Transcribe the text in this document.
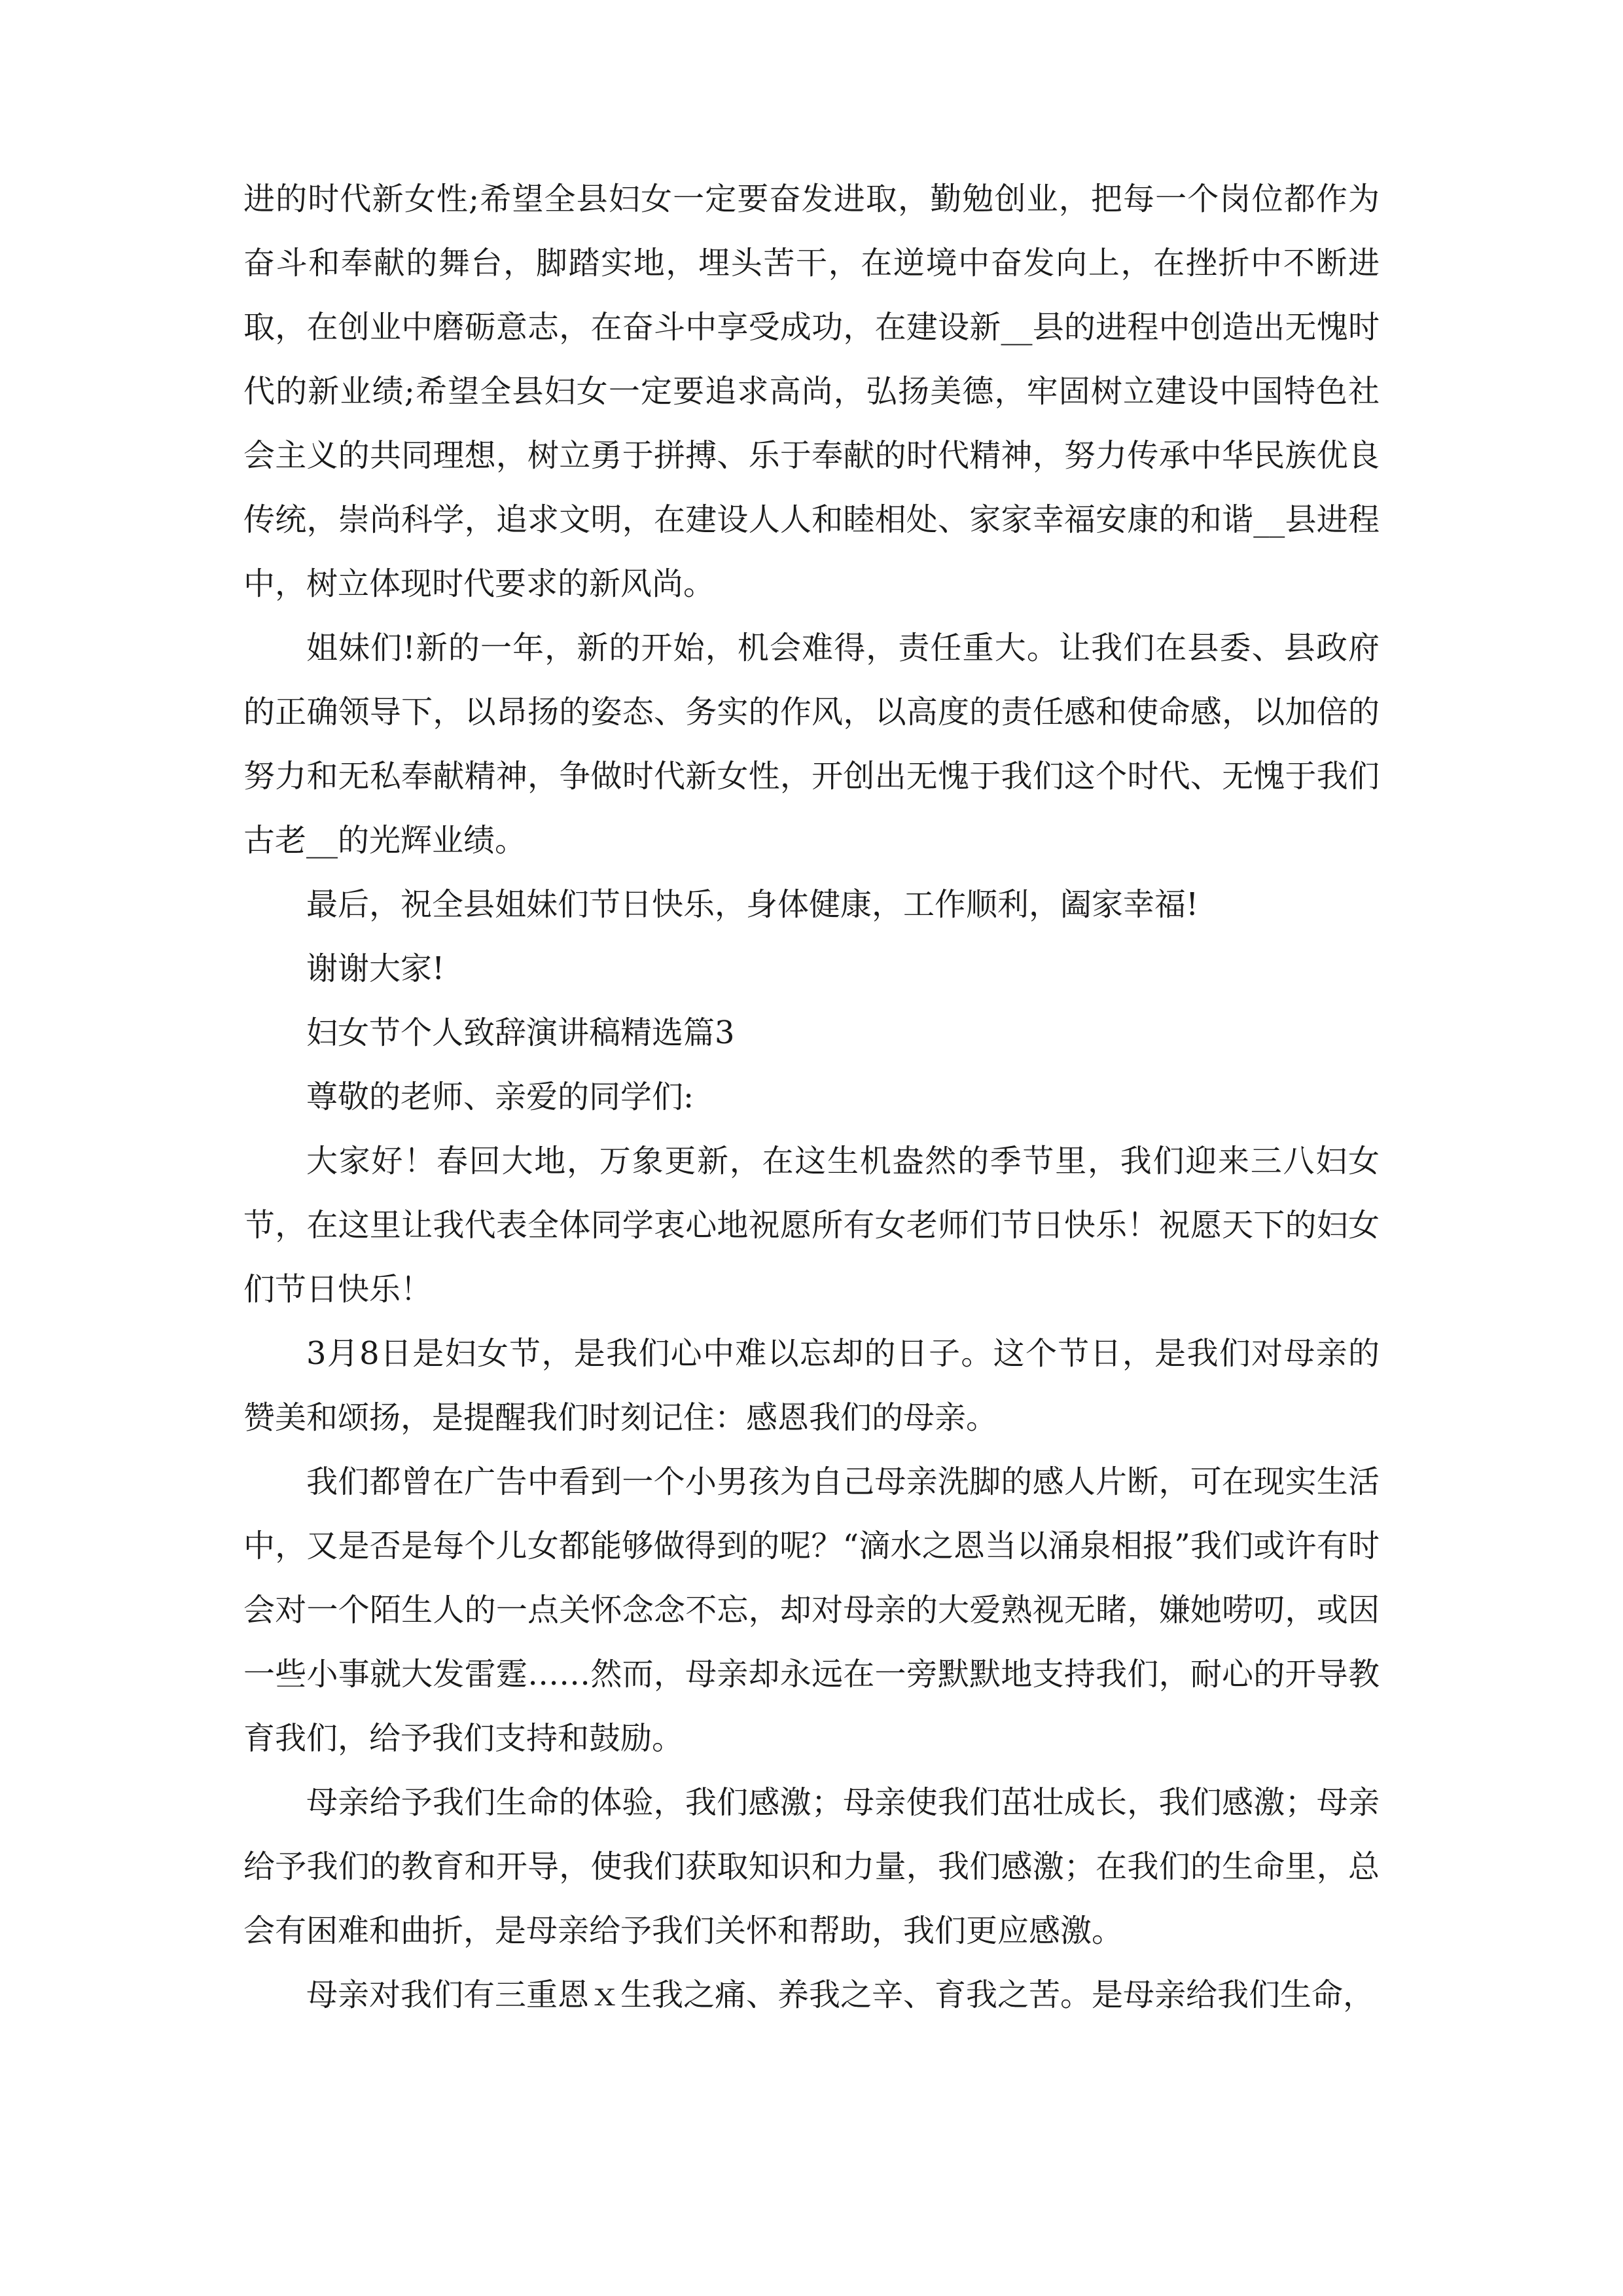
进的时代新女性;希望全县妇女一定要奋发进取，勤勉创业，把每一个岗位都作为奋斗和奉献的舞台，脚踏实地，埋头苦干，在逆境中奋发向上，在挫折中不断进取，在创业中磨砺意志，在奋斗中享受成功，在建设新__县的进程中创造出无愧时代的新业绩;希望全县妇女一定要追求高尚，弘扬美德，牢固树立建设中国特色社会主义的共同理想，树立勇于拼搏、乐于奉献的时代精神，努力传承中华民族优良传统，崇尚科学，追求文明，在建设人人和睦相处、家家幸福安康的和谐__县进程中，树立体现时代要求的新风尚。

姐妹们!新的一年，新的开始，机会难得，责任重大。让我们在县委、县政府的正确领导下，以昂扬的姿态、务实的作风，以高度的责任感和使命感，以加倍的努力和无私奉献精神，争做时代新女性，开创出无愧于我们这个时代、无愧于我们古老__的光辉业绩。

最后，祝全县姐妹们节日快乐，身体健康，工作顺利，阖家幸福!

谢谢大家!

妇女节个人致辞演讲稿精选篇3

尊敬的老师、亲爱的同学们:

大家好！春回大地，万象更新，在这生机盎然的季节里，我们迎来三八妇女节，在这里让我代表全体同学衷心地祝愿所有女老师们节日快乐！祝愿天下的妇女们节日快乐！

3月8日是妇女节，是我们心中难以忘却的日子。这个节日，是我们对母亲的赞美和颂扬，是提醒我们时刻记住：感恩我们的母亲。

我们都曾在广告中看到一个小男孩为自己母亲洗脚的感人片断，可在现实生活中，又是否是每个儿女都能够做得到的呢？“滴水之恩当以涌泉相报”我们或许有时会对一个陌生人的一点关怀念念不忘，却对母亲的大爱熟视无睹，嫌她唠叨，或因一些小事就大发雷霆……然而，母亲却永远在一旁默默地支持我们，耐心的开导教育我们，给予我们支持和鼓励。

母亲给予我们生命的体验，我们感激；母亲使我们茁壮成长，我们感激；母亲给予我们的教育和开导，使我们获取知识和力量，我们感激；在我们的生命里，总会有困难和曲折，是母亲给予我们关怀和帮助，我们更应感激。

母亲对我们有三重恩ｘ生我之痛、养我之辛、育我之苦。是母亲给我们生命，
